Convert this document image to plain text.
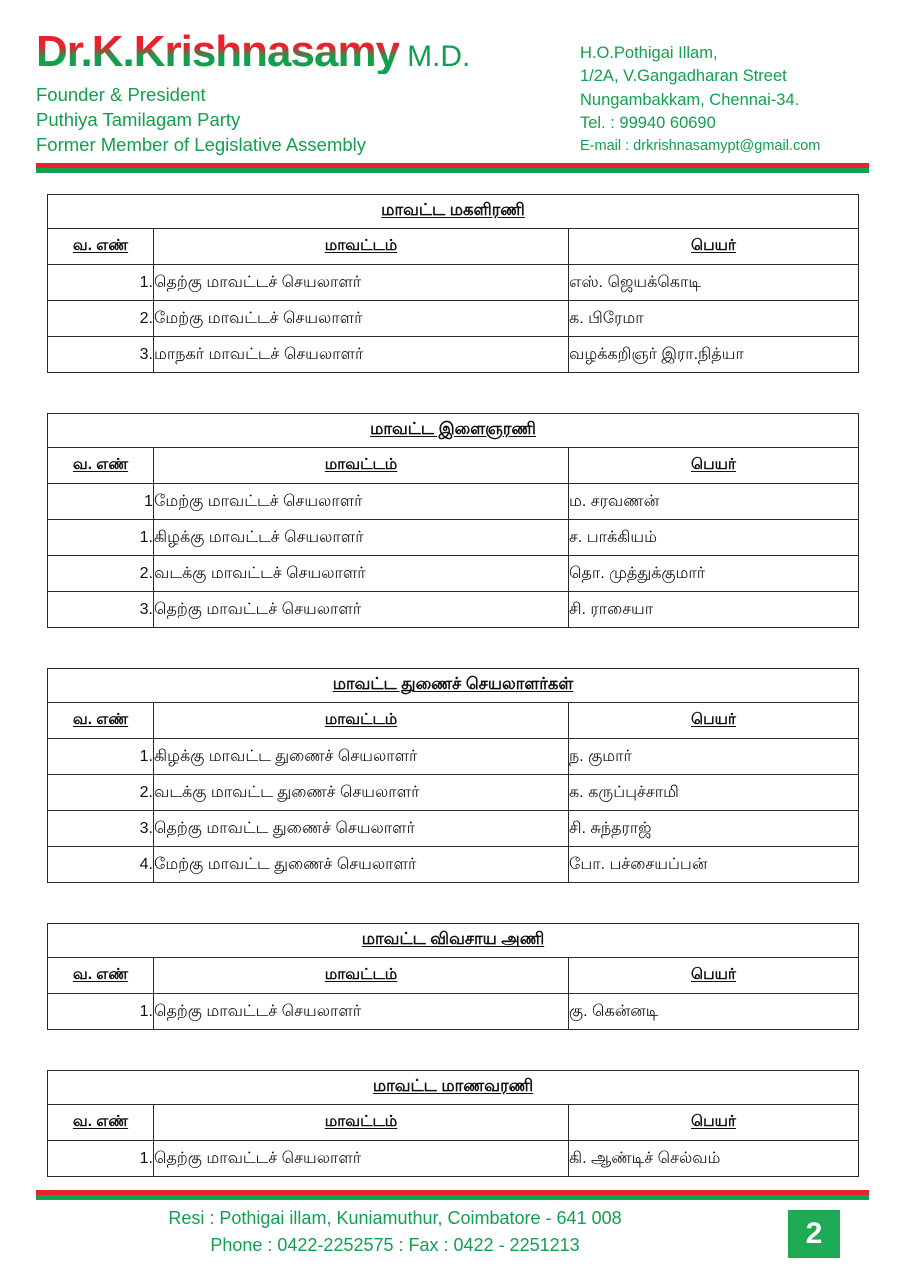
Dr.K.Krishnasamy M.D.
Founder & President
Puthiya Tamilagam Party
Former Member of Legislative Assembly
H.O.Pothigai Illam,
1/2A, V.Gangadharan Street
Nungambakkam, Chennai-34.
Tel. : 99940 60690
E-mail : drkrishnasamypt@gmail.com
மாவட்ட மகளிரணி		
வ. எண்	மாவட்டம்	பெயர்
1.	தெற்கு மாவட்டச் செயலாளர்	எஸ். ஜெயக்கொடி
2.	மேற்கு மாவட்டச் செயலாளர்	க. பிரேமா
3.	மாநகர் மாவட்டச் செயலாளர்	வழக்கறிஞர் இரா.நித்யா
மாவட்ட இளைஞரணி		
வ. எண்	மாவட்டம்	பெயர்
1	மேற்கு மாவட்டச் செயலாளர்	ம. சரவணன்
1.	கிழக்கு மாவட்டச் செயலாளர்	ச. பாக்கியம்
2.	வடக்கு மாவட்டச் செயலாளர்	தொ. முத்துக்குமார்
3.	தெற்கு மாவட்டச் செயலாளர்	சி. ராசையா
மாவட்ட துணைச் செயலாளர்கள்		
வ. எண்	மாவட்டம்	பெயர்
1.	கிழக்கு மாவட்ட துணைச் செயலாளர்	ந. குமார்
2.	வடக்கு மாவட்ட துணைச் செயலாளர்	க. கருப்புச்சாமி
3.	தெற்கு மாவட்ட துணைச் செயலாளர்	சி. சுந்தராஜ்
4.	மேற்கு மாவட்ட துணைச் செயலாளர்	போ. பச்சையப்பன்
மாவட்ட விவசாய அணி		
வ. எண்	மாவட்டம்	பெயர்
1.	தெற்கு மாவட்டச் செயலாளர்	கு. கென்னடி
மாவட்ட மாணவரணி		
வ. எண்	மாவட்டம்	பெயர்
1.	தெற்கு மாவட்டச் செயலாளர்	கி. ஆண்டிச் செல்வம்
Resi : Pothigai illam, Kuniamuthur, Coimbatore - 641 008
Phone : 0422-2252575 : Fax : 0422 - 2251213	2
